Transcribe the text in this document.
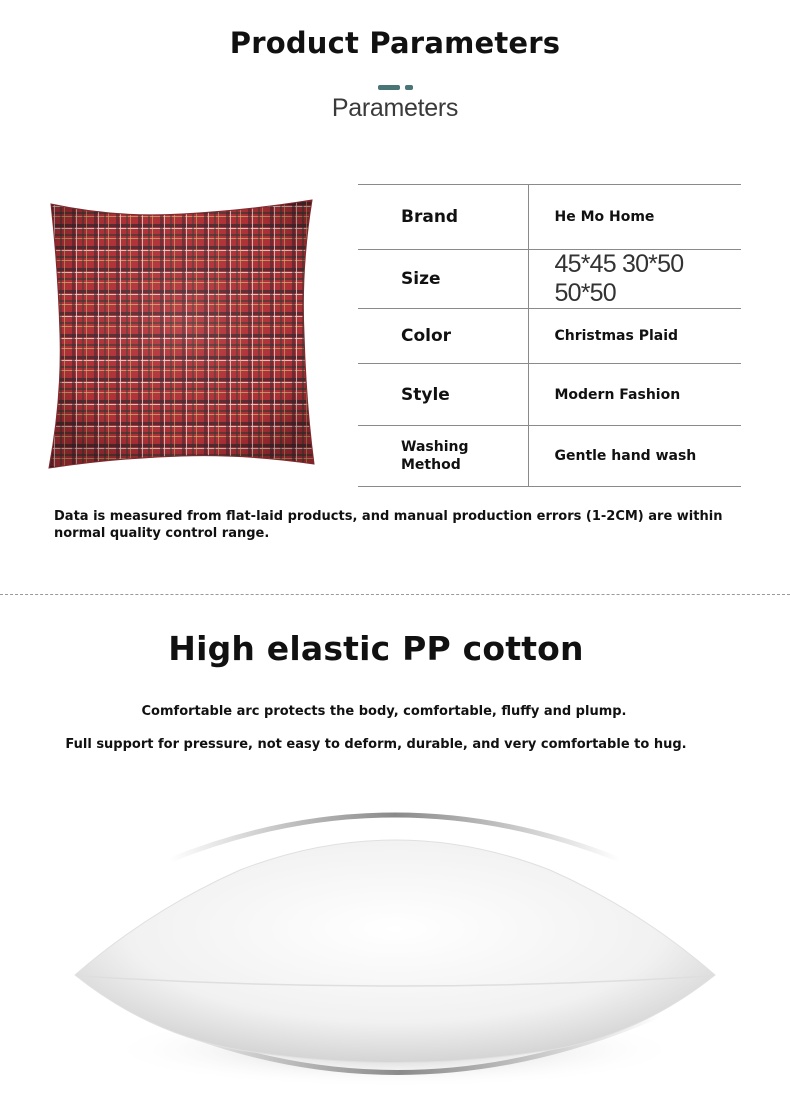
Product Parameters
Parameters
Brand	He Mo Home
Size	45*45 30*50 50*50
Color	Christmas Plaid
Style	Modern Fashion
Washing Method	Gentle hand wash
Data is measured from flat-laid products, and manual production errors (1-2CM) are within normal quality control range.
High elastic PP cotton
Comfortable arc protects the body, comfortable, fluffy and plump.
Full support for pressure, not easy to deform, durable, and very comfortable to hug.
